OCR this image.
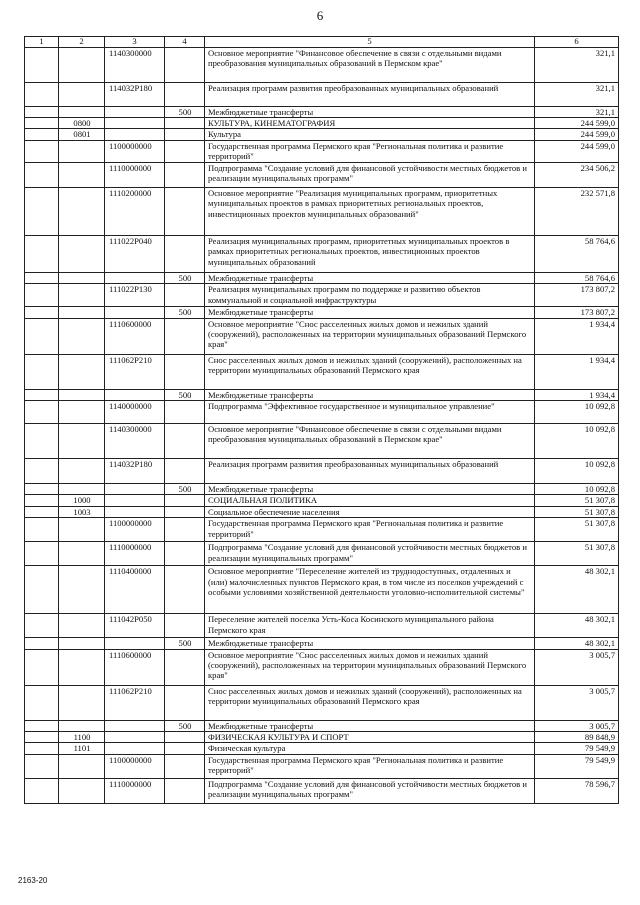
6
1	2	3	4	5	6
		1140300000		Основное мероприятие "Финансовое обеспечение в связи с отдельными видами преобразования муниципальных образований в Пермском крае"	321,1
		114032P180		Реализация программ развития преобразованных муниципальных образований	321,1
			500	Межбюджетные трансферты	321,1
	0800			КУЛЬТУРА, КИНЕМАТОГРАФИЯ	244 599,0
	0801			Культура	244 599,0
		1100000000		Государственная программа Пермского края "Региональная политика и развитие территорий"	244 599,0
		1110000000		Подпрограмма "Создание условий для финансовой устойчивости местных бюджетов и реализации муниципальных программ"	234 506,2
		1110200000		Основное мероприятие "Реализация муниципальных программ, приоритетных муниципальных проектов в рамках приоритетных региональных проектов, инвестиционных проектов муниципальных образований"	232 571,8
		111022P040		Реализация муниципальных программ, приоритетных муниципальных проектов в рамках приоритетных региональных проектов, инвестиционных проектов муниципальных образований	58 764,6
			500	Межбюджетные трансферты	58 764,6
		111022P130		Реализация муниципальных программ по поддержке и развитию объектов коммунальной и социальной инфраструктуры	173 807,2
			500	Межбюджетные трансферты	173 807,2
		1110600000		Основное мероприятие "Снос расселенных жилых домов и нежилых зданий (сооружений), расположенных на территории муниципальных образований Пермского края"	1 934,4
		111062P210		Снос расселенных жилых домов и нежилых зданий (сооружений), расположенных на территории муниципальных образований Пермского края	1 934,4
			500	Межбюджетные трансферты	1 934,4
		1140000000		Подпрограмма "Эффективное государственное и муниципальное управление"	10 092,8
		1140300000		Основное мероприятие "Финансовое обеспечение в связи с отдельными видами преобразования муниципальных образований в Пермском крае"	10 092,8
		114032P180		Реализация программ развития преобразованных муниципальных образований	10 092,8
			500	Межбюджетные трансферты	10 092,8
	1000			СОЦИАЛЬНАЯ ПОЛИТИКА	51 307,8
	1003			Социальное обеспечение населения	51 307,8
		1100000000		Государственная программа Пермского края "Региональная политика и развитие территорий"	51 307,8
		1110000000		Подпрограмма "Создание условий для финансовой устойчивости местных бюджетов и реализации муниципальных программ"	51 307,8
		1110400000		Основное мероприятие "Переселение жителей из труднодоступных, отдаленных и (или) малочисленных пунктов Пермского края, в том числе из поселков учреждений с особыми условиями хозяйственной деятельности уголовно-исполнительной системы"	48 302,1
		111042P050		Переселение жителей поселка Усть-Коса Косинского муниципального района Пермского края	48 302,1
			500	Межбюджетные трансферты	48 302,1
		1110600000		Основное мероприятие "Снос расселенных жилых домов и нежилых зданий (сооружений), расположенных на территории муниципальных образований Пермского края"	3 005,7
		111062P210		Снос расселенных жилых домов и нежилых зданий (сооружений), расположенных на территории муниципальных образований Пермского края	3 005,7
			500	Межбюджетные трансферты	3 005,7
	1100			ФИЗИЧЕСКАЯ КУЛЬТУРА И СПОРТ	89 848,9
	1101			Физическая культура	79 549,9
		1100000000		Государственная программа Пермского края "Региональная политика и развитие территорий"	79 549,9
		1110000000		Подпрограмма "Создание условий для финансовой устойчивости местных бюджетов и реализации муниципальных программ"	78 596,7
2163-20
